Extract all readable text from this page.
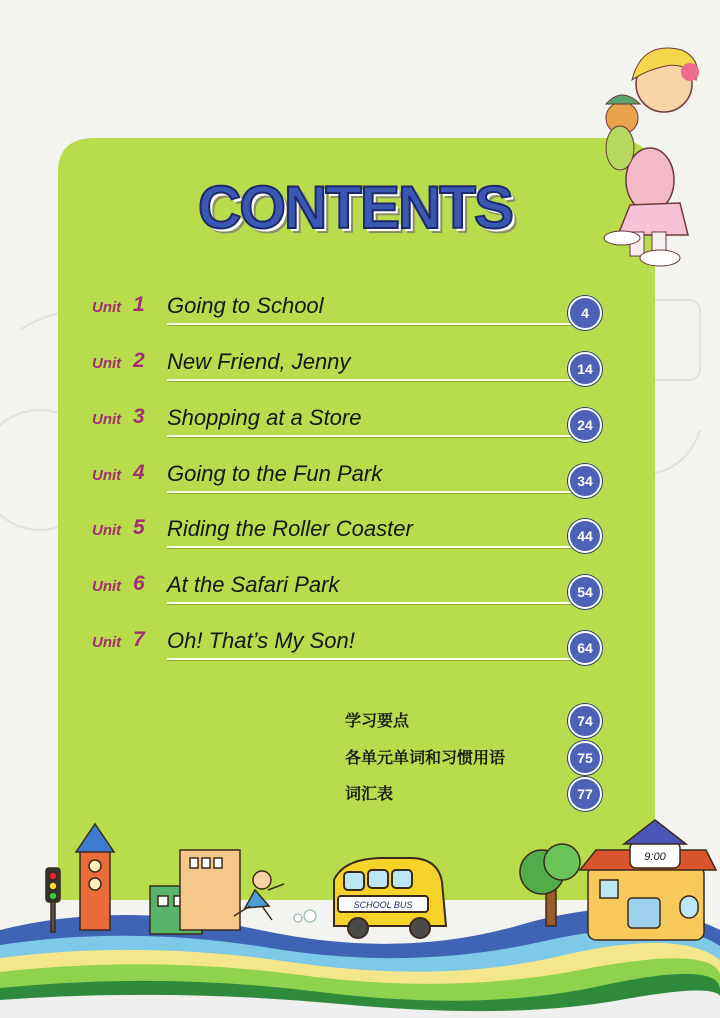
SCHOOL BUS
9:00
CONTENTS
Unit 1 Going to School	4
Unit 2 New Friend, Jenny	14
Unit 3 Shopping at a Store	24
Unit 4 Going to the Fun Park	34
Unit 5 Riding the Roller Coaster	44
Unit 6 At the Safari Park	54
Unit 7 Oh! That’s My Son!	64
学习要点	74
各单元单词和习惯用语	75
词汇表	77
